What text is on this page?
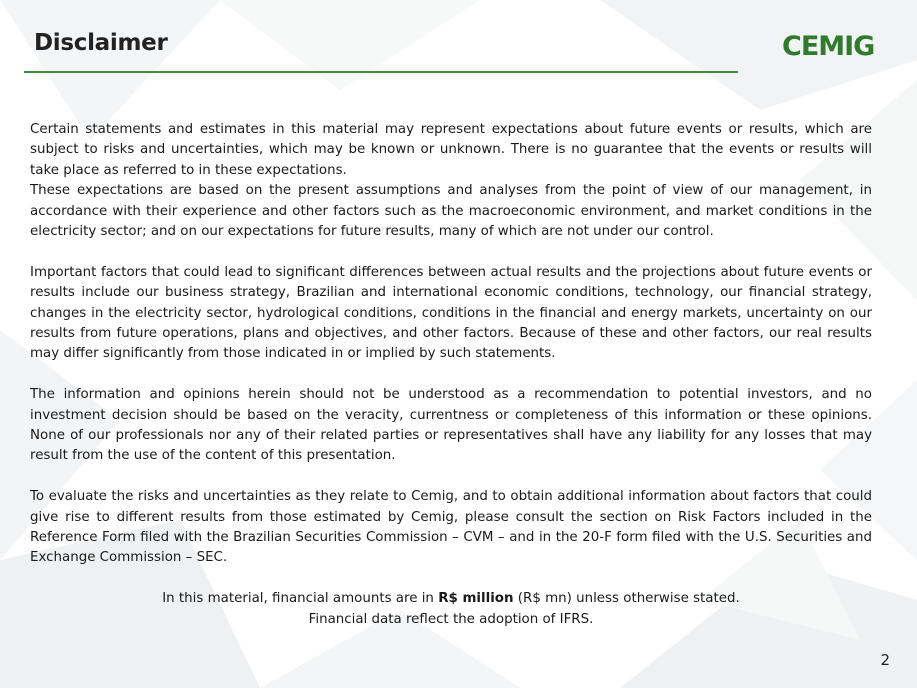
Disclaimer	CEMIG

Certain statements and estimates in this material may represent expectations about future events or results, which are subject to risks and uncertainties, which may be known or unknown. There is no guarantee that the events or results will take place as referred to in these expectations.

These expectations are based on the present assumptions and analyses from the point of view of our management, in accordance with their experience and other factors such as the macroeconomic environment, and market conditions in the electricity sector; and on our expectations for future results, many of which are not under our control.

Important factors that could lead to significant differences between actual results and the projections about future events or results include our business strategy, Brazilian and international economic conditions, technology, our financial strategy, changes in the electricity sector, hydrological conditions, conditions in the financial and energy markets, uncertainty on our results from future operations, plans and objectives, and other factors. Because of these and other factors, our real results may differ significantly from those indicated in or implied by such statements.

The information and opinions herein should not be understood as a recommendation to potential investors, and no investment decision should be based on the veracity, currentness or completeness of this information or these opinions. None of our professionals nor any of their related parties or representatives shall have any liability for any losses that may result from the use of the content of this presentation.

To evaluate the risks and uncertainties as they relate to Cemig, and to obtain additional information about factors that could give rise to different results from those estimated by Cemig, please consult the section on Risk Factors included in the Reference Form filed with the Brazilian Securities Commission – CVM – and in the 20-F form filed with the U.S. Securities and Exchange Commission – SEC.

In this material, financial amounts are in R$ million (R$ mn) unless otherwise stated.

Financial data reflect the adoption of IFRS.

2
